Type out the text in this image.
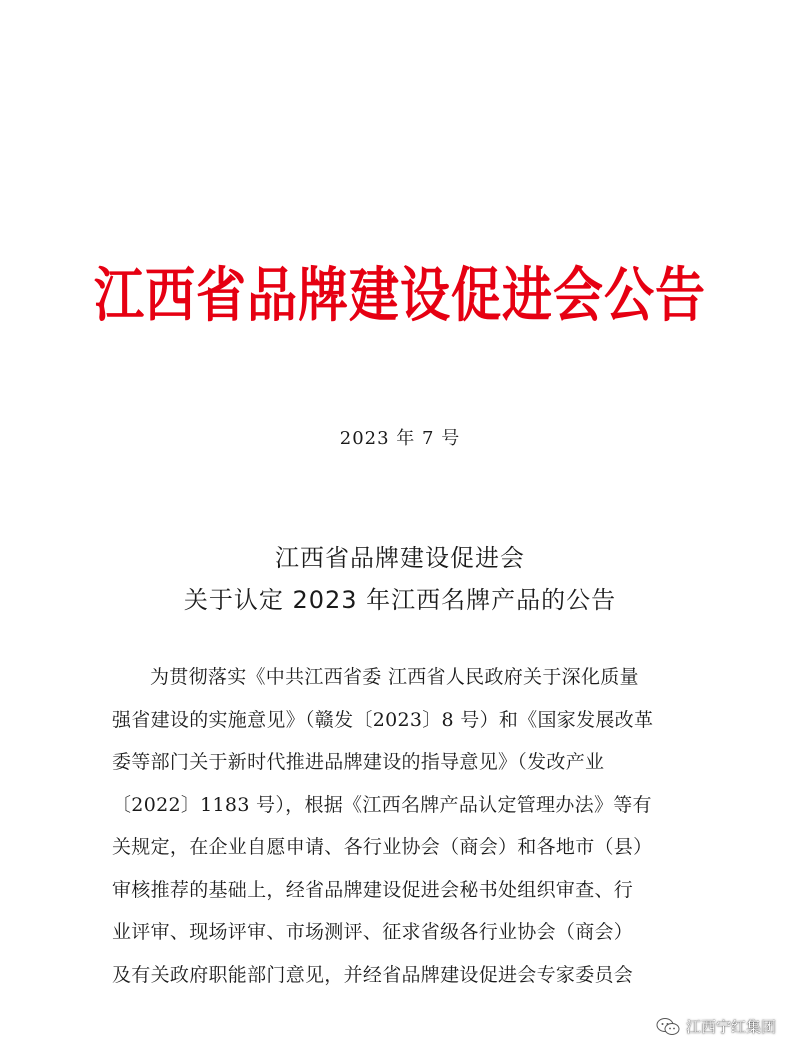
江西省品牌建设促进会公告
2023 年 7 号
江西省品牌建设促进会
关于认定 2023 年江西名牌产品的公告
为贯彻落实《中共江西省委 江西省人民政府关于深化质量
强省建设的实施意见》（赣发〔2023〕8 号）和《国家发展改革
委等部门关于新时代推进品牌建设的指导意见》（发改产业
〔2022〕1183 号），根据《江西名牌产品认定管理办法》等有
关规定，在企业自愿申请、各行业协会（商会）和各地市（县）
审核推荐的基础上，经省品牌建设促进会秘书处组织审查、行
业评审、现场评审、市场测评、征求省级各行业协会（商会）
及有关政府职能部门意见，并经省品牌建设促进会专家委员会
江西宁红集团
